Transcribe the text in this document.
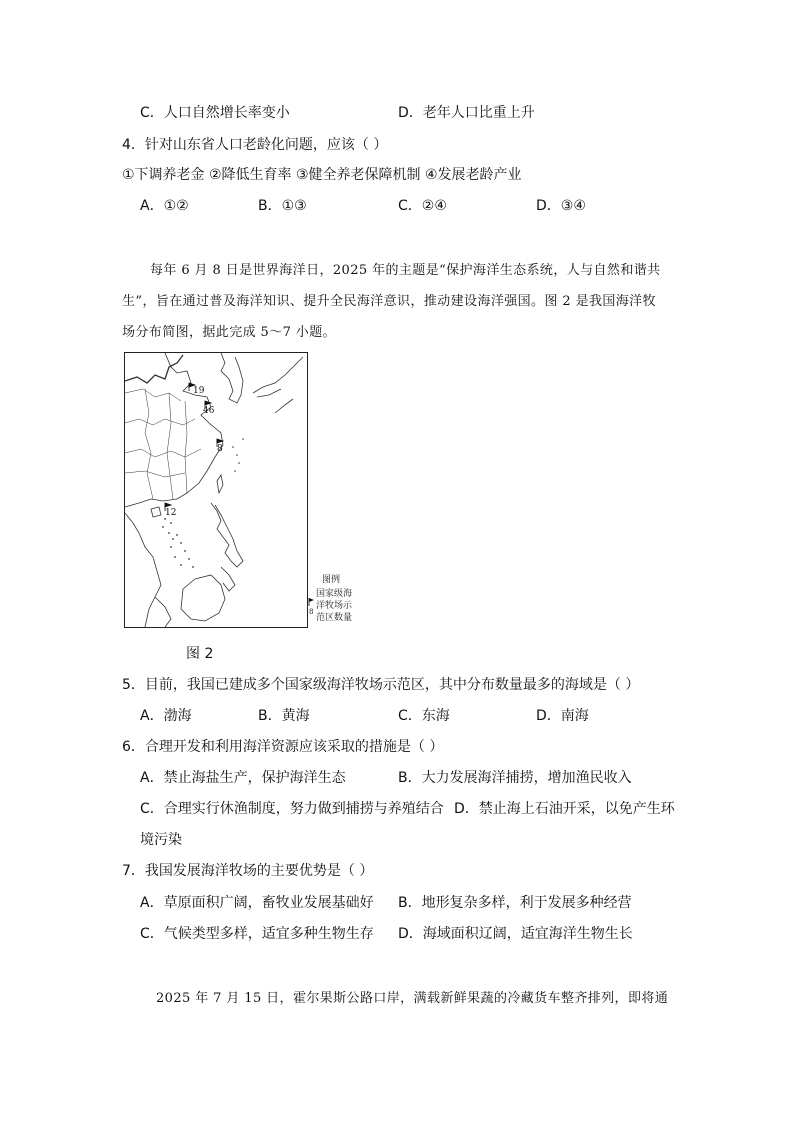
C．人口自然增长率变小	D．老年人口比重上升
4．针对山东省人口老龄化问题，应该（ ）
①下调养老金 ②降低生育率 ③健全养老保障机制 ④发展老龄产业
A．①②	B．①③	C．②④	D．③④
每年 6 月 8 日是世界海洋日，2025 年的主题是“保护海洋生态系统，人与自然和谐共
生”，旨在通过普及海洋知识、提升全民海洋意识，推动建设海洋强国。图 2 是我国海洋牧
场分布简图，据此完成 5～7 小题。
19
46
8
12
图例
国家级海
洋牧场示
范区数量
8
图 2
5．目前，我国已建成多个国家级海洋牧场示范区，其中分布数量最多的海域是（ ）
A．渤海	B．黄海	C．东海	D．南海
6．合理开发和利用海洋资源应该采取的措施是（ ）
A．禁止海盐生产，保护海洋生态	B．大力发展海洋捕捞，增加渔民收入
C．合理实行休渔制度，努力做到捕捞与养殖结合 D．禁止海上石油开采，以免产生环
境污染
7．我国发展海洋牧场的主要优势是（ ）
A．草原面积广阔，畜牧业发展基础好 B．地形复杂多样，利于发展多种经营
C．气候类型多样，适宜多种生物生存 D．海域面积辽阔，适宜海洋生物生长
2025 年 7 月 15 日，霍尔果斯公路口岸，满载新鲜果蔬的冷藏货车整齐排列，即将通
